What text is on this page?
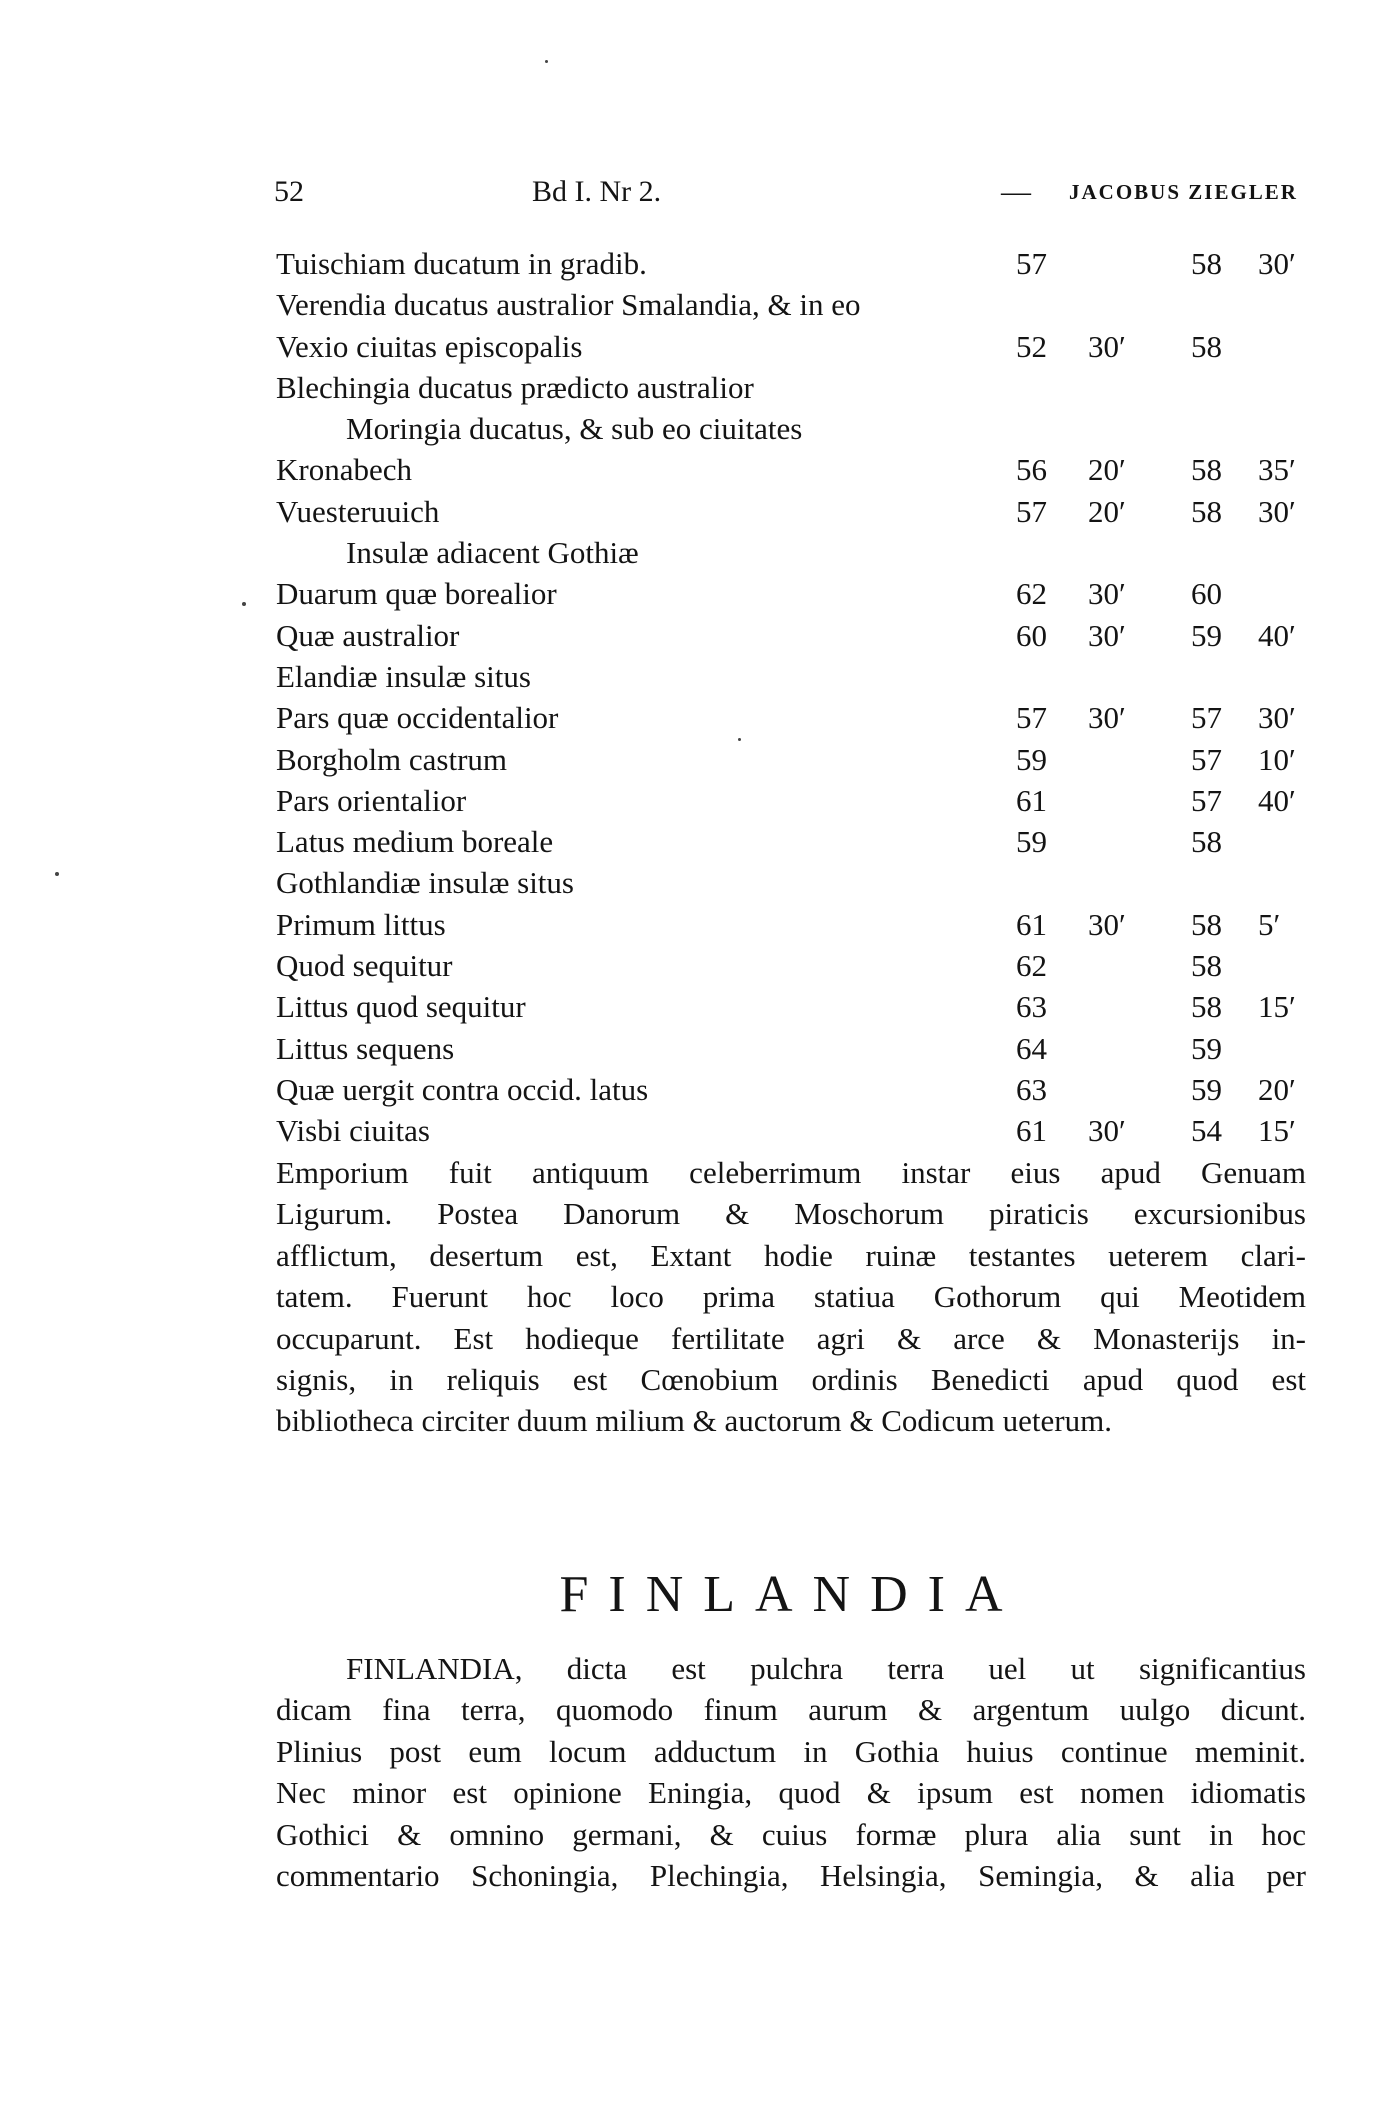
52	Bd I. Nr 2.	— JACOBUS ZIEGLER
Tuischiam ducatum in gradib.	57	58 30′
Verendia ducatus australior Smalandia, & in eo
Vexio ciuitas episcopalis	52 30′ 58
Blechingia ducatus prædicto australior
Moringia ducatus, & sub eo ciuitates
Kronabech	56 20′ 58 35′
Vuesteruuich	57 20′ 58 30′
Insulæ adiacent Gothiæ
Duarum quæ borealior	62 30′ 60
Quæ australior	60 30′ 59 40′
Elandiæ insulæ situs
Pars quæ occidentalior	57 30′ 57 30′
Borgholm castrum	59	57 10′
Pars orientalior	61	57 40′
Latus medium boreale	59	58
Gothlandiæ insulæ situs
Primum littus	61 30′ 58 5′
Quod sequitur	62	58
Littus quod sequitur	63	58 15′
Littus sequens	64	59
Quæ uergit contra occid. latus	63	59 20′
Visbi ciuitas	61 30′ 54 15′
Emporium fuit antiquum celeberrimum instar eius apud Genuam
Ligurum. Postea Danorum & Moschorum piraticis excursionibus
afflictum, desertum est, Extant hodie ruinæ testantes ueterem clari-
tatem. Fuerunt hoc loco prima statiua Gothorum qui Meotidem
occuparunt. Est hodieque fertilitate agri & arce & Monasterijs in-
signis, in reliquis est Cœnobium ordinis Benedicti apud quod est
bibliotheca circiter duum milium & auctorum & Codicum ueterum.
FINLANDIA
FINLANDIA, dicta est pulchra terra uel ut significantius
dicam fina terra, quomodo finum aurum & argentum uulgo dicunt.
Plinius post eum locum adductum in Gothia huius continue meminit.
Nec minor est opinione Eningia, quod & ipsum est nomen idiomatis
Gothici & omnino germani, & cuius formæ plura alia sunt in hoc
commentario Schoningia, Plechingia, Helsingia, Semingia, & alia per
